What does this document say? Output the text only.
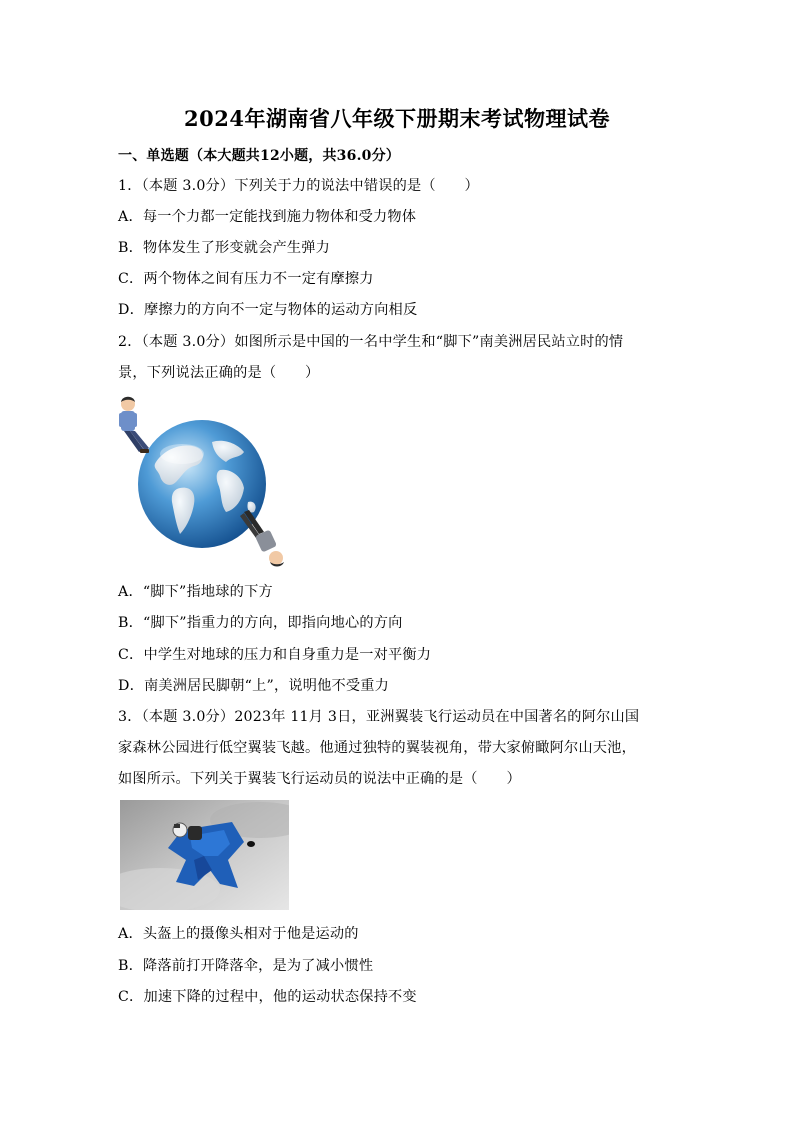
2024年湖南省八年级下册期末考试物理试卷
一、单选题（本大题共12小题，共36.0分）
1．（本题 3.0分）下列关于力的说法中错误的是（　　）
A．每一个力都一定能找到施力物体和受力物体
B．物体发生了形变就会产生弹力
C．两个物体之间有压力不一定有摩擦力
D．摩擦力的方向不一定与物体的运动方向相反
2．（本题 3.0分）如图所示是中国的一名中学生和“脚下”南美洲居民站立时的情
景，下列说法正确的是（　　）
A．“脚下”指地球的下方
B．“脚下”指重力的方向，即指向地心的方向
C．中学生对地球的压力和自身重力是一对平衡力
D．南美洲居民脚朝“上”，说明他不受重力
3．（本题 3.0分）2023年 11月 3日，亚洲翼装飞行运动员在中国著名的阿尔山国
家森林公园进行低空翼装飞越。他通过独特的翼装视角，带大家俯瞰阿尔山天池，
如图所示。下列关于翼装飞行运动员的说法中正确的是（　　）
A．头盔上的摄像头相对于他是运动的
B．降落前打开降落伞，是为了减小惯性
C．加速下降的过程中，他的运动状态保持不变
